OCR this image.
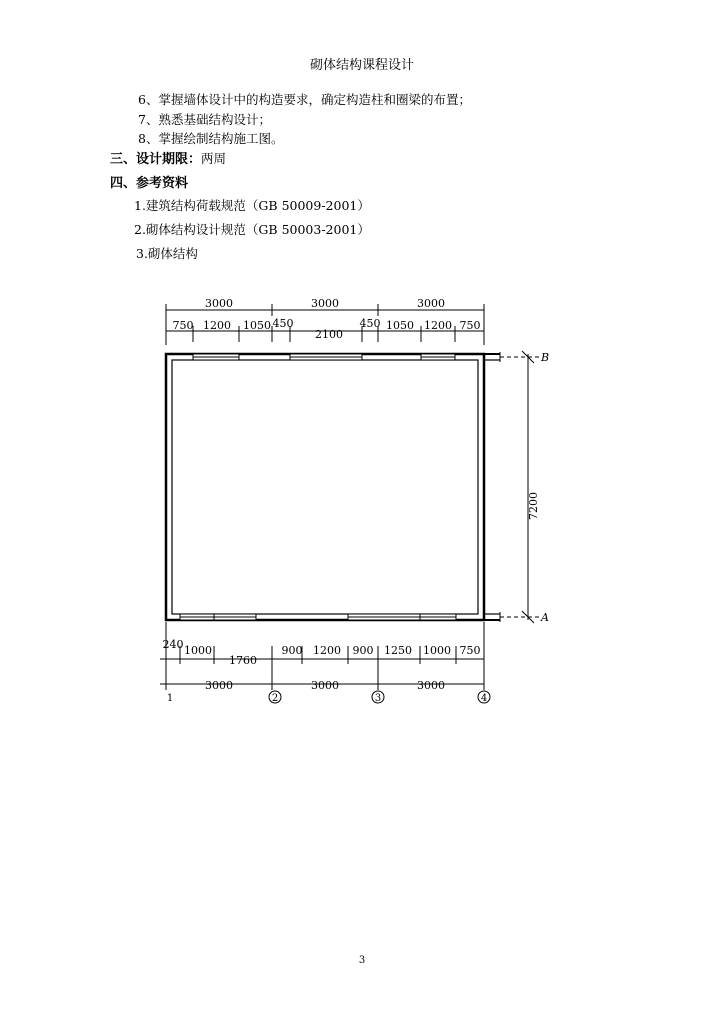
砌体结构课程设计
6、掌握墙体设计中的构造要求，确定构造柱和圈梁的布置；
7、熟悉基础结构设计；
8、掌握绘制结构施工图。
三、设计期限：两周
四、参考资料
1.建筑结构荷载规范（GB 50009-2001）
2.砌体结构设计规范（GB 50003-2001）
3.砌体结构
3000	3000	3000
750 1200 1050 450
2100
450 1050 1200 750
7200
B
A
240 1000
1760
900 1200 900 1250 1000 750
3000	3000	3000
1	2	3	4
3
